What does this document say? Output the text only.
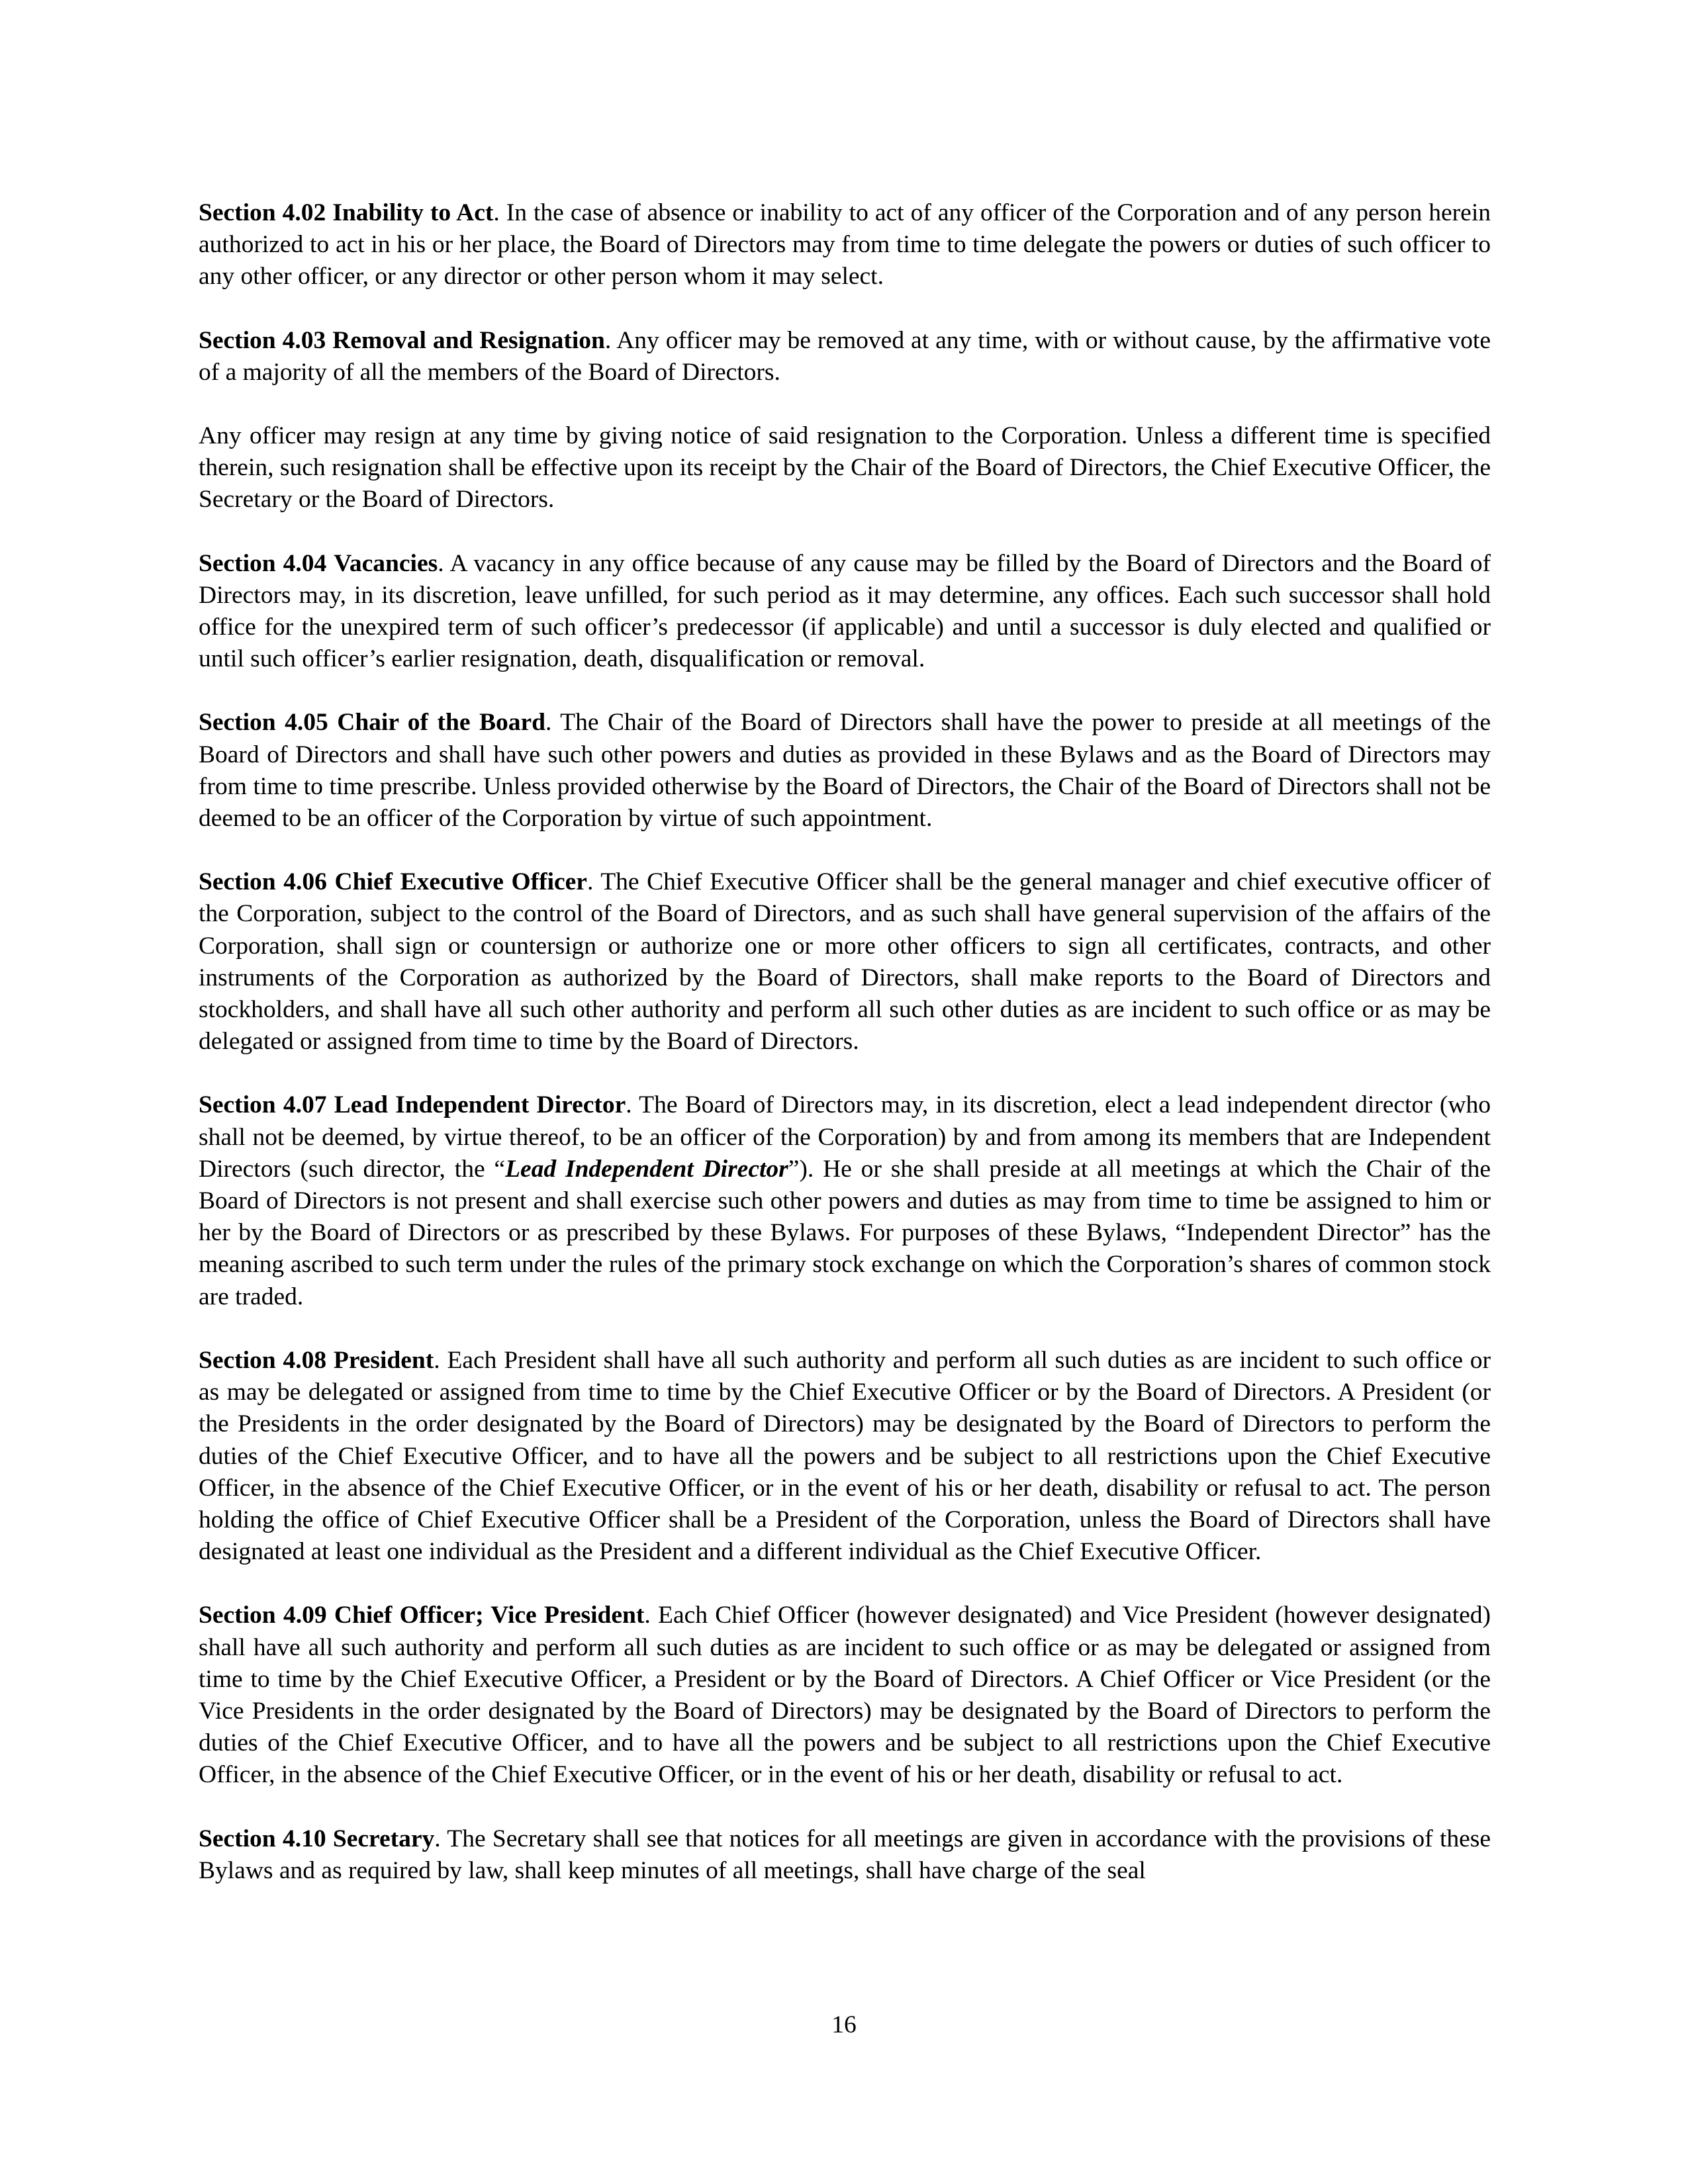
Section 4.02 Inability to Act. In the case of absence or inability to act of any officer of the Corporation and of any person herein authorized to act in his or her place, the Board of Directors may from time to time delegate the powers or duties of such officer to any other officer, or any director or other person whom it may select.

Section 4.03 Removal and Resignation. Any officer may be removed at any time, with or without cause, by the affirmative vote of a majority of all the members of the Board of Directors.

Any officer may resign at any time by giving notice of said resignation to the Corporation. Unless a different time is specified therein, such resignation shall be effective upon its receipt by the Chair of the Board of Directors, the Chief Executive Officer, the Secretary or the Board of Directors.

Section 4.04 Vacancies. A vacancy in any office because of any cause may be filled by the Board of Directors and the Board of Directors may, in its discretion, leave unfilled, for such period as it may determine, any offices. Each such successor shall hold office for the unexpired term of such officer’s predecessor (if applicable) and until a successor is duly elected and qualified or until such officer’s earlier resignation, death, disqualification or removal.

Section 4.05 Chair of the Board. The Chair of the Board of Directors shall have the power to preside at all meetings of the Board of Directors and shall have such other powers and duties as provided in these Bylaws and as the Board of Directors may from time to time prescribe. Unless provided otherwise by the Board of Directors, the Chair of the Board of Directors shall not be deemed to be an officer of the Corporation by virtue of such appointment.

Section 4.06 Chief Executive Officer. The Chief Executive Officer shall be the general manager and chief executive officer of the Corporation, subject to the control of the Board of Directors, and as such shall have general supervision of the affairs of the Corporation, shall sign or countersign or authorize one or more other officers to sign all certificates, contracts, and other instruments of the Corporation as authorized by the Board of Directors, shall make reports to the Board of Directors and stockholders, and shall have all such other authority and perform all such other duties as are incident to such office or as may be delegated or assigned from time to time by the Board of Directors.

Section 4.07 Lead Independent Director. The Board of Directors may, in its discretion, elect a lead independent director (who shall not be deemed, by virtue thereof, to be an officer of the Corporation) by and from among its members that are Independent Directors (such director, the “Lead Independent Director”). He or she shall preside at all meetings at which the Chair of the Board of Directors is not present and shall exercise such other powers and duties as may from time to time be assigned to him or her by the Board of Directors or as prescribed by these Bylaws. For purposes of these Bylaws, “Independent Director” has the meaning ascribed to such term under the rules of the primary stock exchange on which the Corporation’s shares of common stock are traded.

Section 4.08 President. Each President shall have all such authority and perform all such duties as are incident to such office or as may be delegated or assigned from time to time by the Chief Executive Officer or by the Board of Directors. A President (or the Presidents in the order designated by the Board of Directors) may be designated by the Board of Directors to perform the duties of the Chief Executive Officer, and to have all the powers and be subject to all restrictions upon the Chief Executive Officer, in the absence of the Chief Executive Officer, or in the event of his or her death, disability or refusal to act. The person holding the office of Chief Executive Officer shall be a President of the Corporation, unless the Board of Directors shall have designated at least one individual as the President and a different individual as the Chief Executive Officer.

Section 4.09 Chief Officer; Vice President. Each Chief Officer (however designated) and Vice President (however designated) shall have all such authority and perform all such duties as are incident to such office or as may be delegated or assigned from time to time by the Chief Executive Officer, a President or by the Board of Directors. A Chief Officer or Vice President (or the Vice Presidents in the order designated by the Board of Directors) may be designated by the Board of Directors to perform the duties of the Chief Executive Officer, and to have all the powers and be subject to all restrictions upon the Chief Executive Officer, in the absence of the Chief Executive Officer, or in the event of his or her death, disability or refusal to act.

Section 4.10 Secretary. The Secretary shall see that notices for all meetings are given in accordance with the provisions of these Bylaws and as required by law, shall keep minutes of all meetings, shall have charge of the seal

16
